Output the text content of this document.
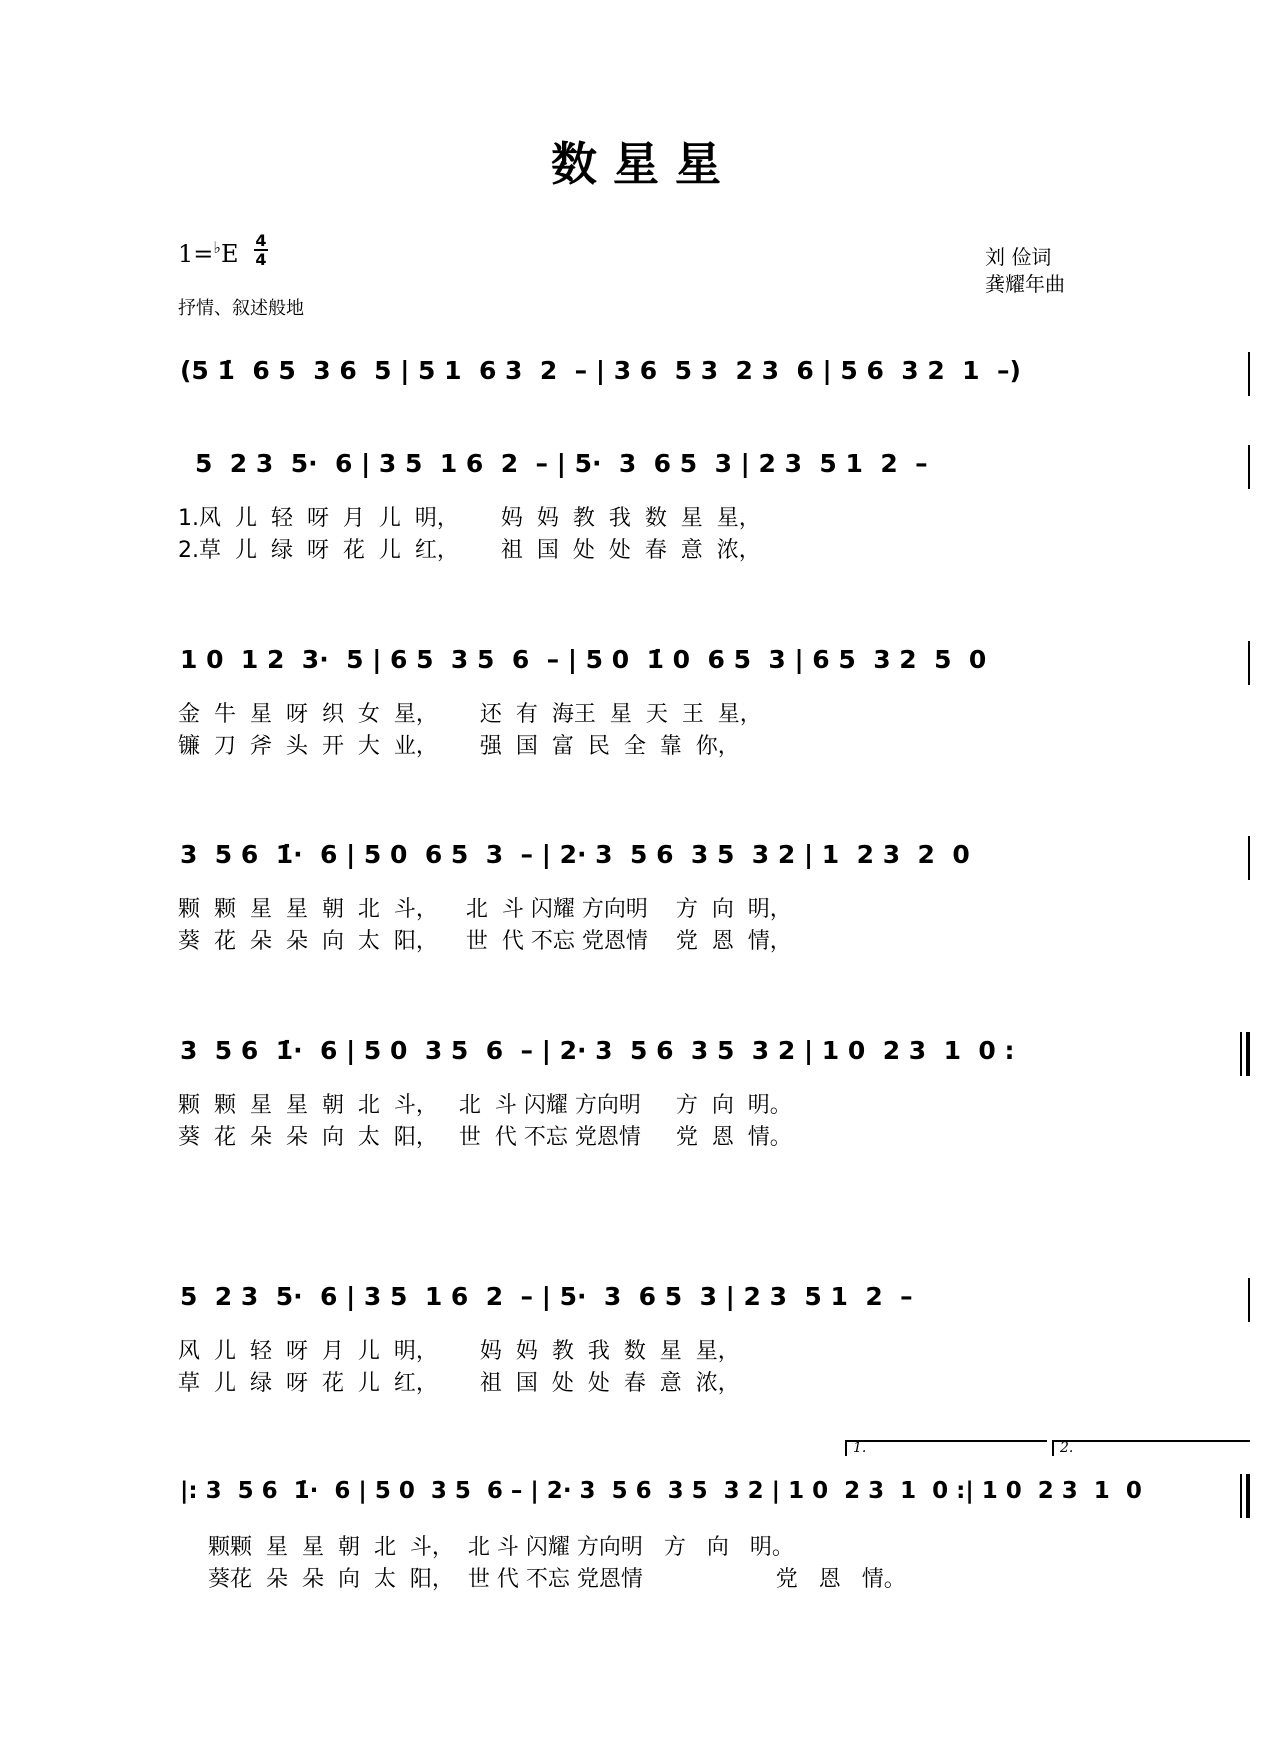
数 星 星
1=♭E 4
4
抒情、叙述般地
刘 俭词
龚耀年曲
(5 1̇  6 5  3 6  5 | 5 1  6 3  2  – | 3 6  5 3  2 3  6 | 5 6  3 2  1  –)
5  2 3  5·  6 | 3 5  1 6  2  – | 5·  3  6 5  3 | 2 3  5 1  2  –
1.风  儿  轻  呀  月  儿  明，      妈  妈  教  我  数  星  星，
2.草  儿  绿  呀  花  儿  红，      祖  国  处  处  春  意  浓，
1 0  1 2  3·  5 | 6 5  3 5  6  – | 5 0  1̇ 0  6 5  3 | 6 5  3 2  5  0
金  牛  星  呀  织  女  星，      还  有  海王  星  天  王  星，
镰  刀  斧  头  开  大  业，      强  国  富  民  全  靠  你，
3  5 6  1̇·  6 | 5 0  6 5  3  – | 2· 3  5 6  3 5  3 2 | 1  2 3  2  0
颗  颗  星  星  朝  北  斗，    北  斗 闪耀 方向明    方  向  明，
葵  花  朵  朵  向  太  阳，    世  代 不忘 党恩情    党  恩  情，
3  5 6  1̇·  6 | 5 0  3 5  6  – | 2· 3  5 6  3 5  3 2 | 1 0  2 3  1  0 :
颗  颗  星  星  朝  北  斗，   北  斗 闪耀 方向明     方  向  明。
葵  花  朵  朵  向  太  阳，   世  代 不忘 党恩情     党  恩  情。
5  2 3  5·  6 | 3 5  1 6  2  – | 5·  3  6 5  3 | 2 3  5 1  2  –
风  儿  轻  呀  月  儿  明，      妈  妈  教  我  数  星  星，
草  儿  绿  呀  花  儿  红，      祖  国  处  处  春  意  浓，
1.	2.
|: 3  5 6  1̇·  6 | 5 0  3 5  6 – | 2· 3  5 6  3 5  3 2 | 1 0  2 3  1  0 :| 1 0  2 3  1  0
颗颗  星  星  朝  北  斗，  北 斗 闪耀 方向明   方   向   明。
葵花  朵  朵  向  太  阳，  世 代 不忘 党恩情                   党   恩   情。
